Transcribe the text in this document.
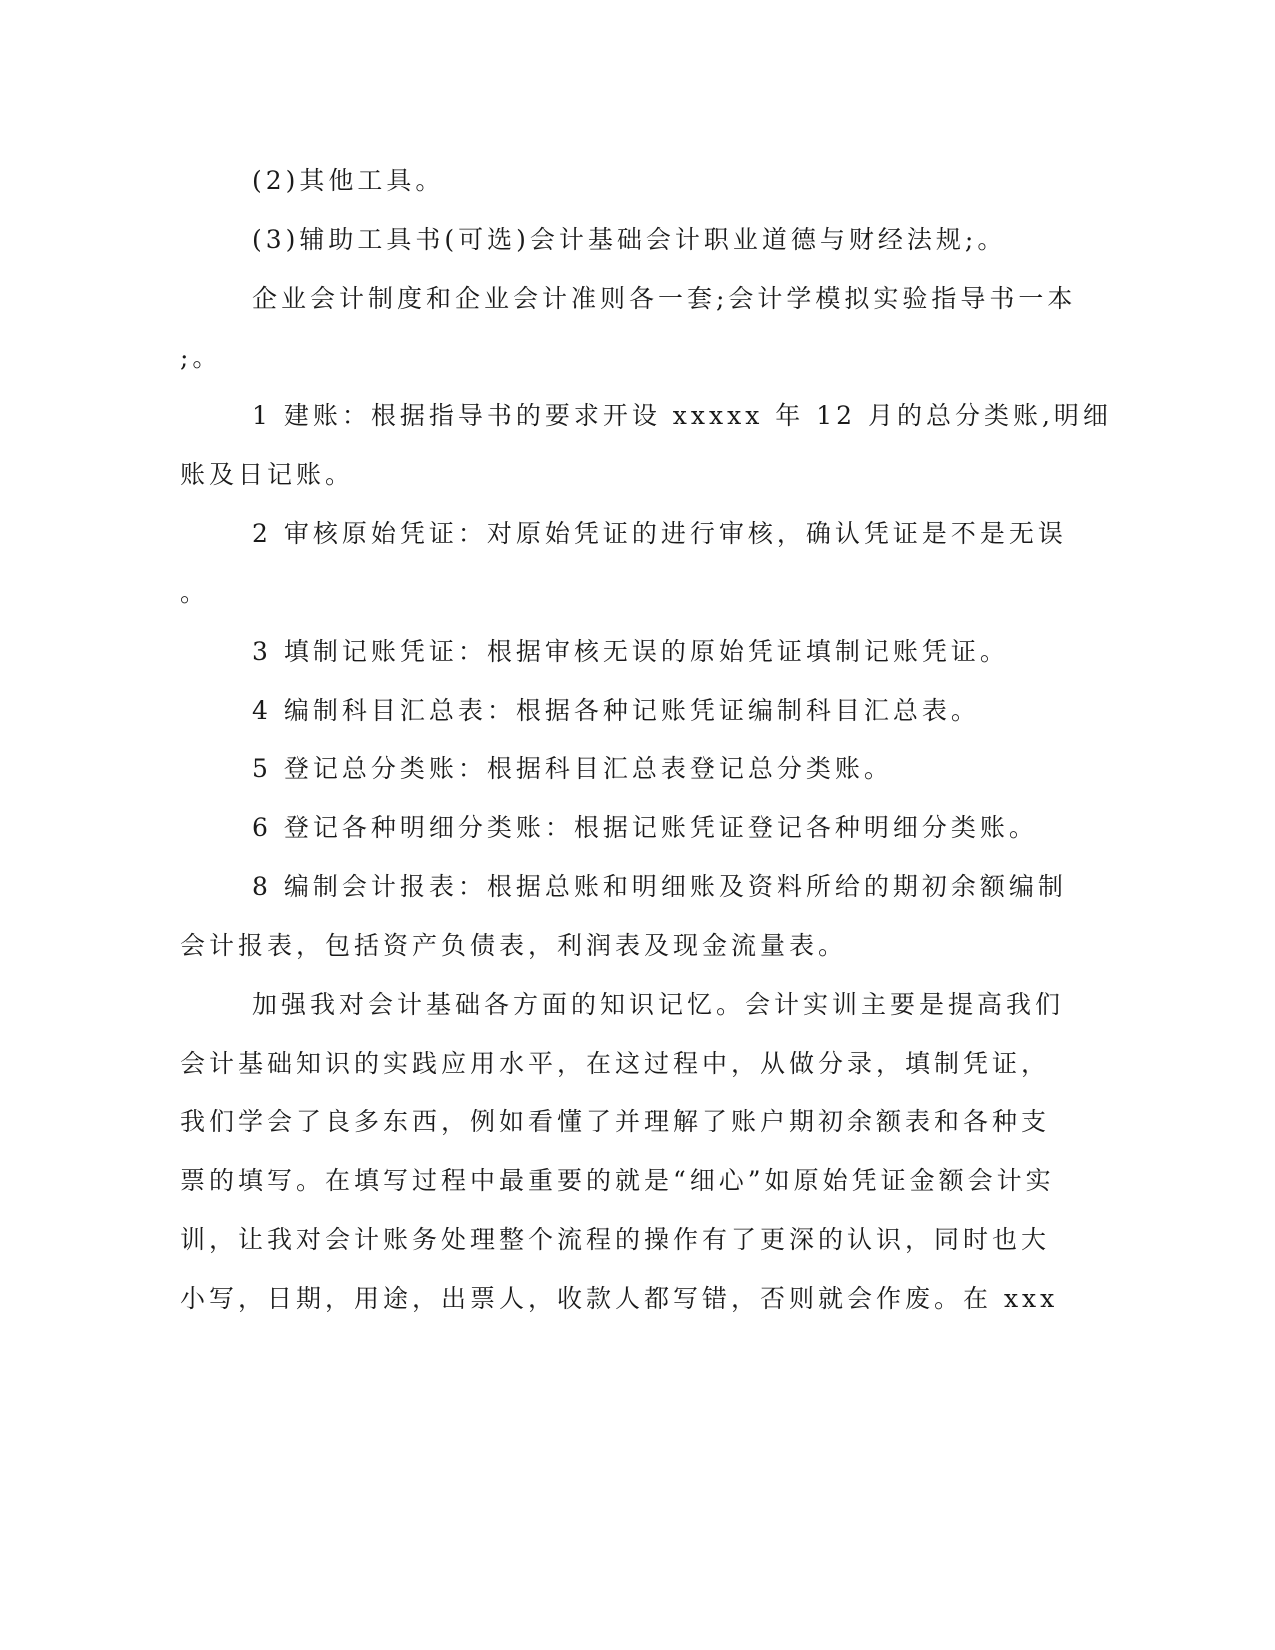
(2)其他工具。
(3)辅助工具书(可选)会计基础会计职业道德与财经法规;。
企业会计制度和企业会计准则各一套;会计学模拟实验指导书一本
;。
1 建账：根据指导书的要求开设 xxxxx 年 12 月的总分类账,明细
账及日记账。
2 审核原始凭证：对原始凭证的进行审核，确认凭证是不是无误
。
3 填制记账凭证：根据审核无误的原始凭证填制记账凭证。
4 编制科目汇总表：根据各种记账凭证编制科目汇总表。
5 登记总分类账：根据科目汇总表登记总分类账。
6 登记各种明细分类账：根据记账凭证登记各种明细分类账。
8 编制会计报表：根据总账和明细账及资料所给的期初余额编制
会计报表，包括资产负债表，利润表及现金流量表。
加强我对会计基础各方面的知识记忆。会计实训主要是提高我们
会计基础知识的实践应用水平，在这过程中，从做分录，填制凭证，
我们学会了良多东西，例如看懂了并理解了账户期初余额表和各种支
票的填写。在填写过程中最重要的就是“细心”如原始凭证金额会计实
训，让我对会计账务处理整个流程的操作有了更深的认识，同时也大
小写，日期，用途，出票人，收款人都写错，否则就会作废。在 xxx
